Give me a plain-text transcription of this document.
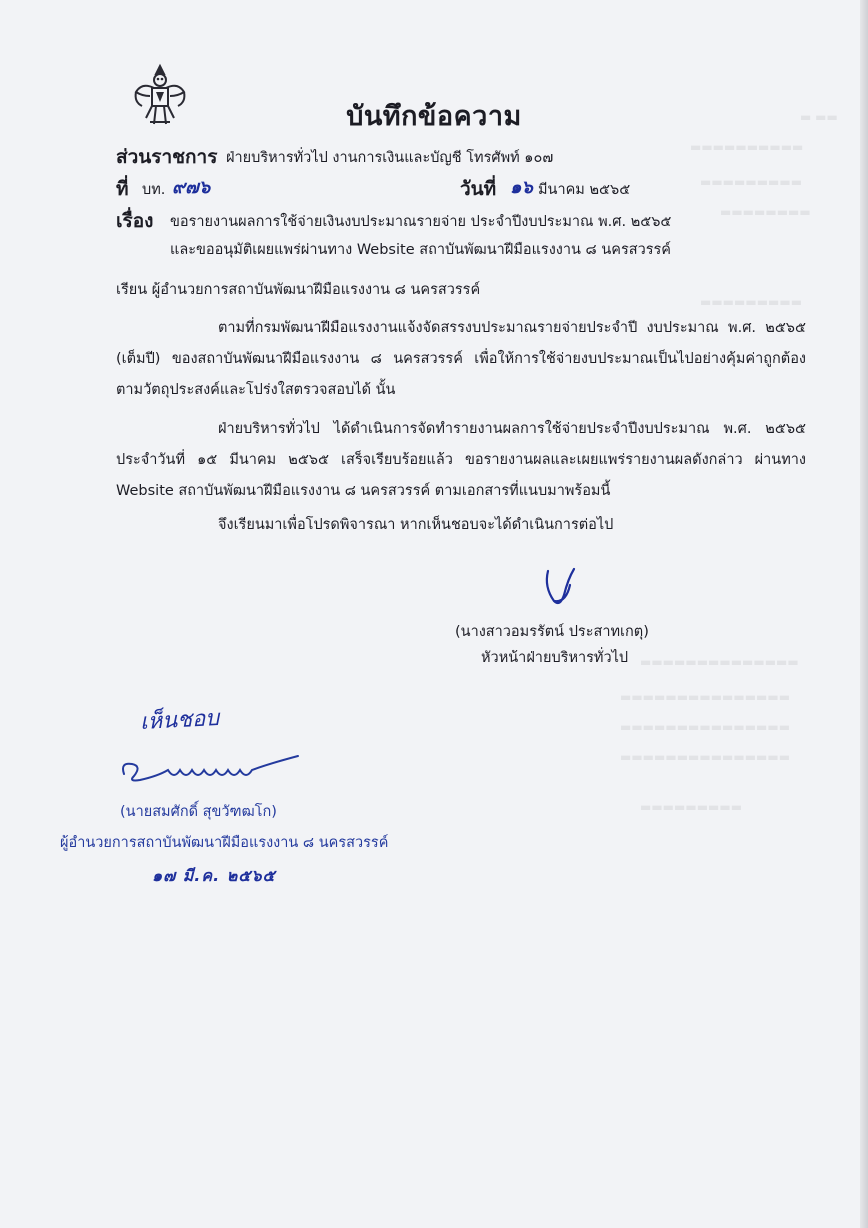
▬ ▬▬
▬▬▬▬▬▬▬▬▬▬
▬▬▬▬▬▬▬▬▬
▬▬▬▬▬▬▬▬
▬▬▬▬▬▬▬▬▬
▬▬▬▬▬▬▬▬▬▬▬▬▬▬
▬▬▬▬▬▬▬▬▬▬▬▬▬▬▬
▬▬▬▬▬▬▬▬▬▬▬▬▬▬▬
▬▬▬▬▬▬▬▬▬▬▬▬▬▬▬
▬▬▬▬▬▬▬▬▬
บันทึกข้อความ
ส่วนราชการ ฝ่ายบริหารทั่วไป งานการเงินและบัญชี โทรศัพท์ ๑๐๗
ที่ บท. ๙๗๖	วันที่ ๑๖ มีนาคม ๒๕๖๕
เรื่อง ขอรายงานผลการใช้จ่ายเงินงบประมาณรายจ่าย ประจำปีงบประมาณ พ.ศ. ๒๕๖๕
และขออนุมัติเผยแพร่ผ่านทาง Website สถาบันพัฒนาฝีมือแรงงาน ๘ นครสวรรค์
เรียน ผู้อำนวยการสถาบันพัฒนาฝีมือแรงงาน ๘ นครสวรรค์
ตามที่กรมพัฒนาฝีมือแรงงานแจ้งจัดสรรงบประมาณรายจ่ายประจำปี งบประมาณ พ.ศ. ๒๕๖๕ (เต็มปี) ของสถาบันพัฒนาฝีมือแรงงาน ๘ นครสวรรค์ เพื่อให้การใช้จ่ายงบประมาณเป็นไปอย่างคุ้มค่าถูกต้อง ตามวัตถุประสงค์และโปร่งใสตรวจสอบได้ นั้น
ฝ่ายบริหารทั่วไป ได้ดำเนินการจัดทำรายงานผลการใช้จ่ายประจำปีงบประมาณ พ.ศ. ๒๕๖๕ ประจำวันที่ ๑๕ มีนาคม ๒๕๖๕ เสร็จเรียบร้อยแล้ว ขอรายงานผลและเผยแพร่รายงานผลดังกล่าว ผ่านทาง Website สถาบันพัฒนาฝีมือแรงงาน ๘ นครสวรรค์ ตามเอกสารที่แนบมาพร้อมนี้
จึงเรียนมาเพื่อโปรดพิจารณา หากเห็นชอบจะได้ดำเนินการต่อไป
(นางสาวอมรรัตน์ ประสาทเกตุ)
หัวหน้าฝ่ายบริหารทั่วไป
เห็นชอบ
(นายสมศักดิ์ สุขวัฑฒโก)
ผู้อำนวยการสถาบันพัฒนาฝีมือแรงงาน ๘ นครสวรรค์
๑๗ มี.ค. ๒๕๖๕
